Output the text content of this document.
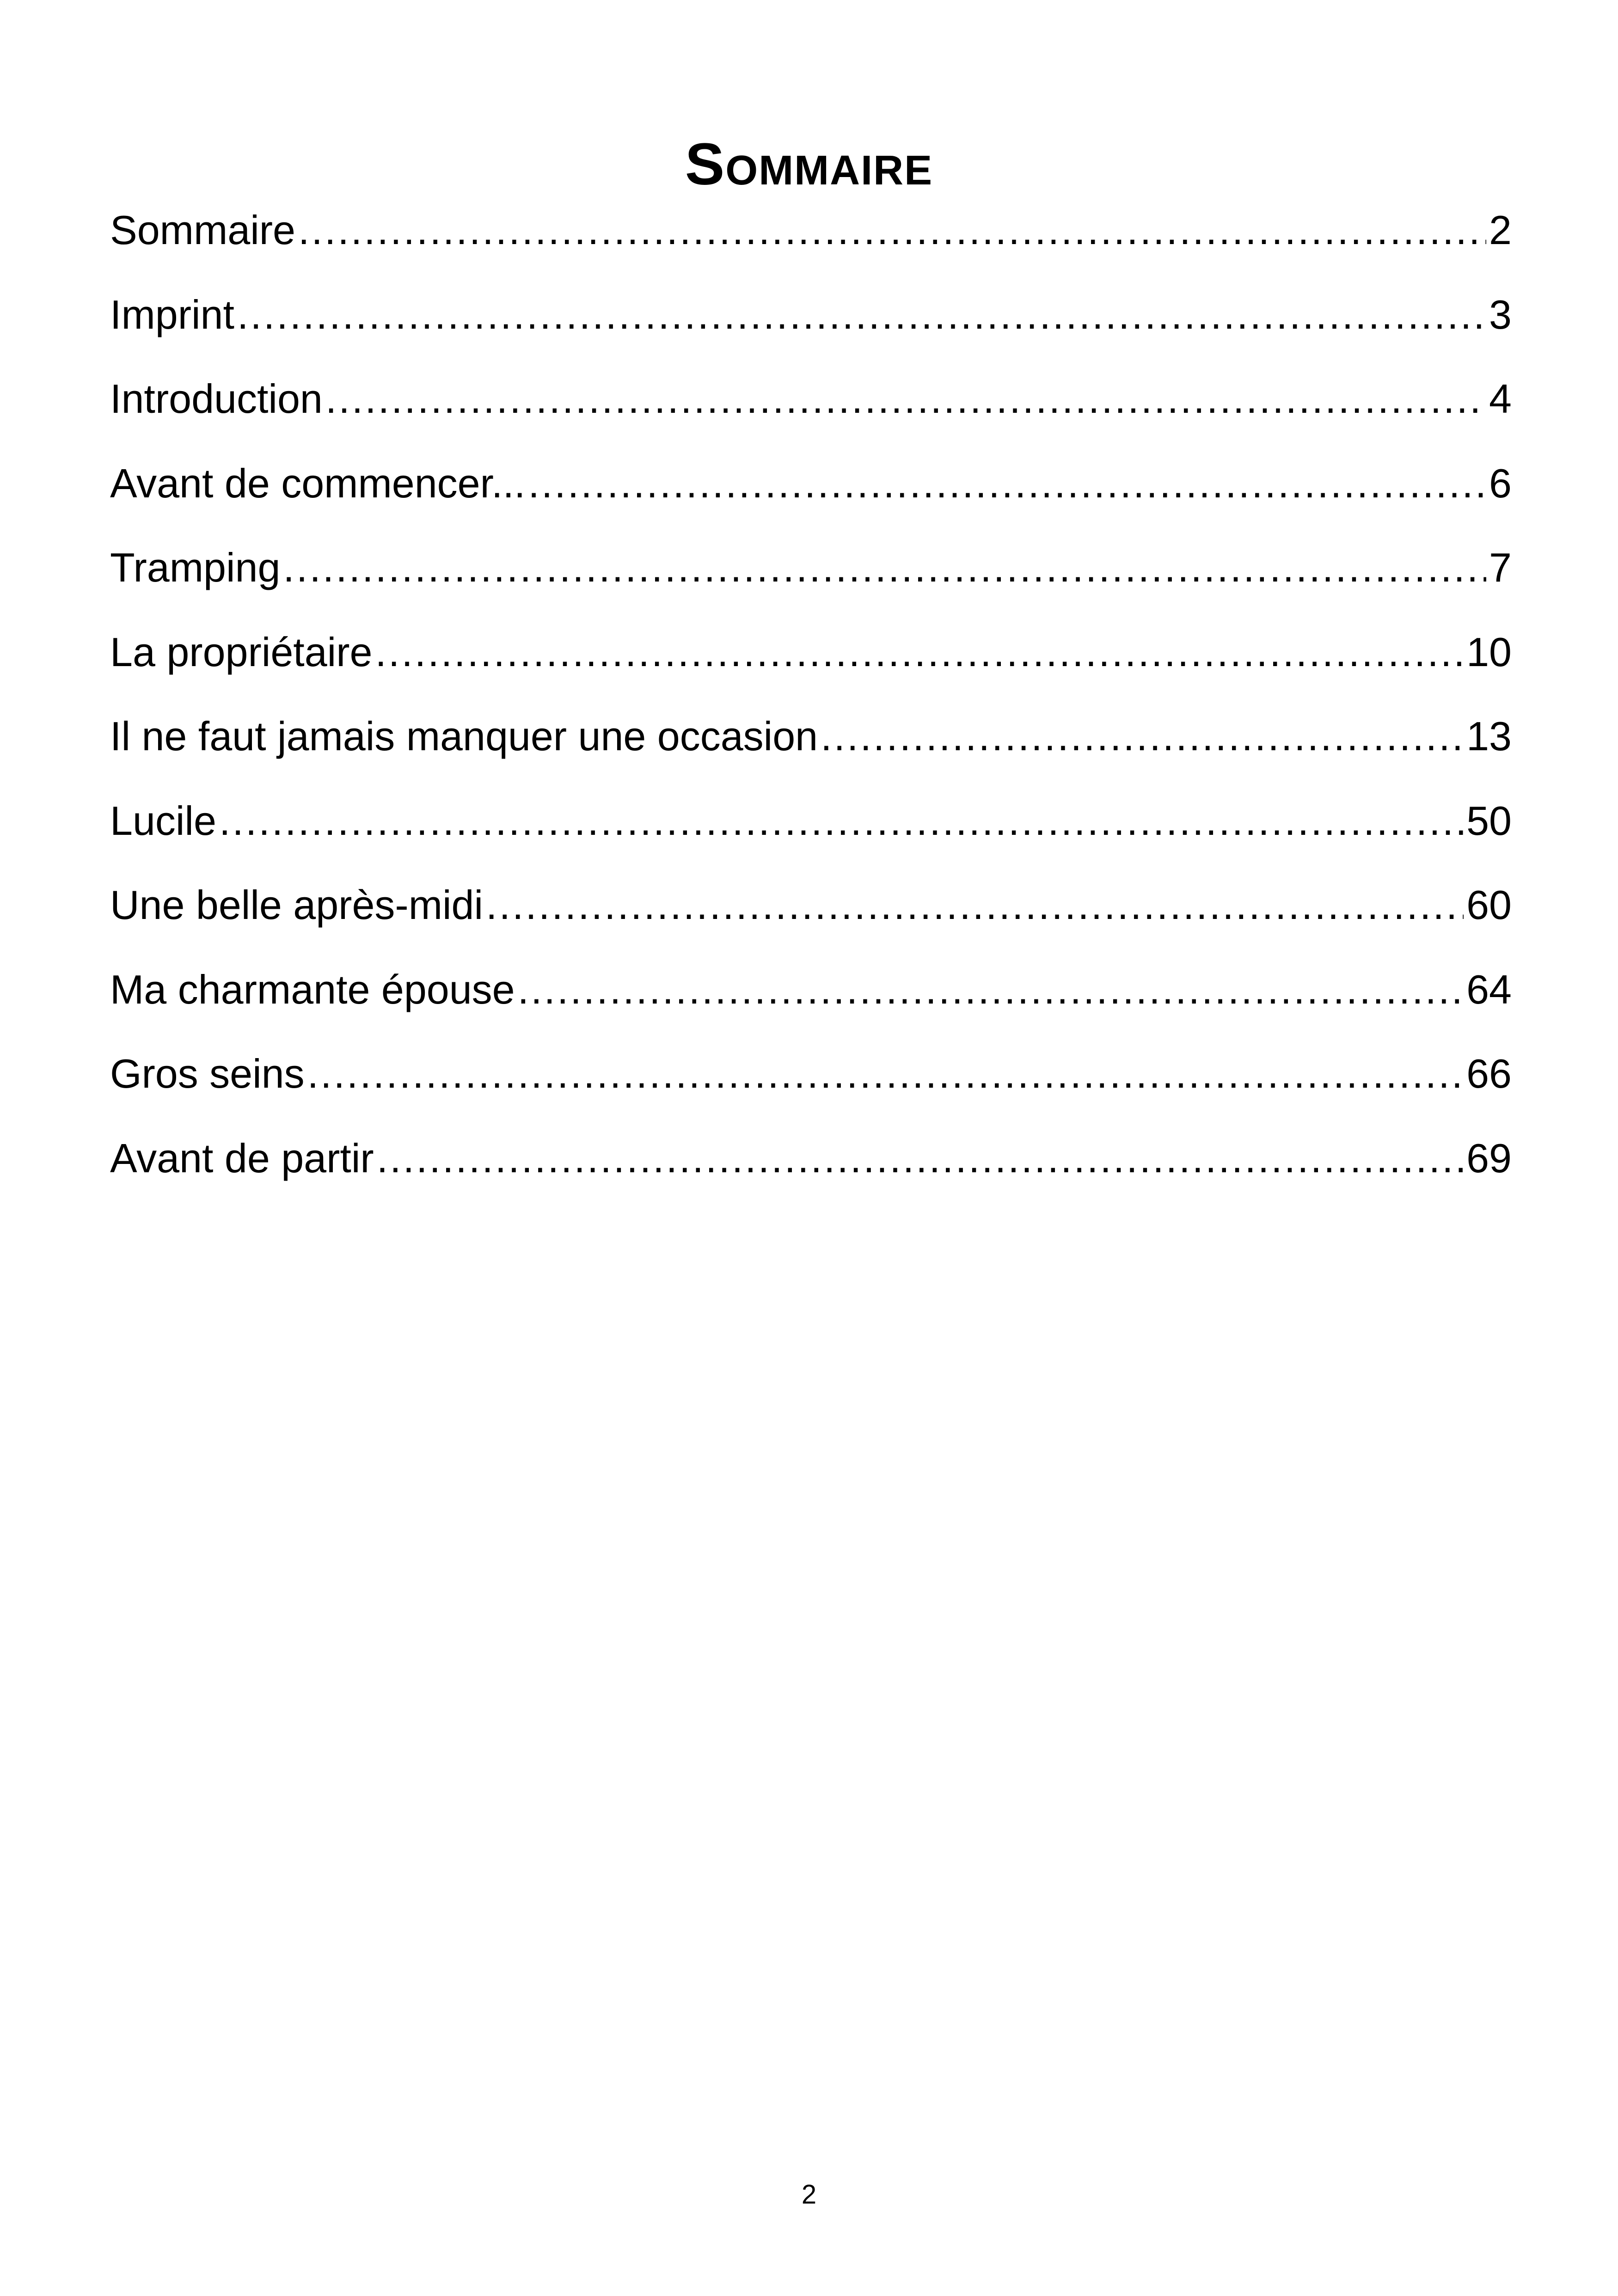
Sommaire
Sommaire .....	2
Imprint .....	3
Introduction .....	4
Avant de commencer... .....	6
Tramping .....	7
La propriétaire .....	10
Il ne faut jamais manquer une occasion .....	13
Lucile .....	50
Une belle après-midi .....	60
Ma charmante épouse .....	64
Gros seins .....	66
Avant de partir .....	69
2
